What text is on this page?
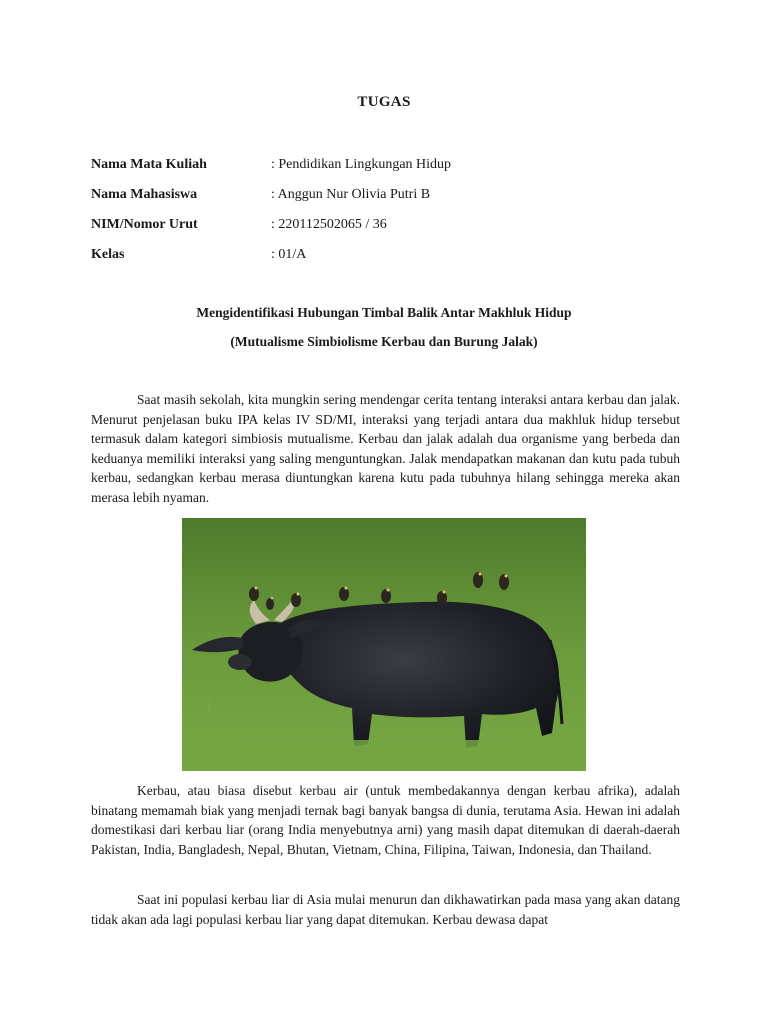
TUGAS
Nama Mata Kuliah	: Pendidikan Lingkungan Hidup
Nama Mahasiswa	: Anggun Nur Olivia Putri B
NIM/Nomor Urut	: 220112502065 / 36
Kelas	: 01/A
Mengidentifikasi Hubungan Timbal Balik Antar Makhluk Hidup
(Mutualisme Simbiolisme Kerbau dan Burung Jalak)

Saat masih sekolah, kita mungkin sering mendengar cerita tentang interaksi antara kerbau dan jalak. Menurut penjelasan buku IPA kelas IV SD/MI, interaksi yang terjadi antara dua makhluk hidup tersebut termasuk dalam kategori simbiosis mutualisme. Kerbau dan jalak adalah dua organisme yang berbeda dan keduanya memiliki interaksi yang saling menguntungkan. Jalak mendapatkan makanan dan kutu pada tubuh kerbau, sedangkan kerbau merasa diuntungkan karena kutu pada tubuhnya hilang sehingga mereka akan merasa lebih nyaman.

Kerbau, atau biasa disebut kerbau air (untuk membedakannya dengan kerbau afrika), adalah binatang memamah biak yang menjadi ternak bagi banyak bangsa di dunia, terutama Asia. Hewan ini adalah domestikasi dari kerbau liar (orang India menyebutnya arni) yang masih dapat ditemukan di daerah-daerah Pakistan, India, Bangladesh, Nepal, Bhutan, Vietnam, China, Filipina, Taiwan, Indonesia, dan Thailand.

Saat ini populasi kerbau liar di Asia mulai menurun dan dikhawatirkan pada masa yang akan datang tidak akan ada lagi populasi kerbau liar yang dapat ditemukan. Kerbau dewasa dapat
